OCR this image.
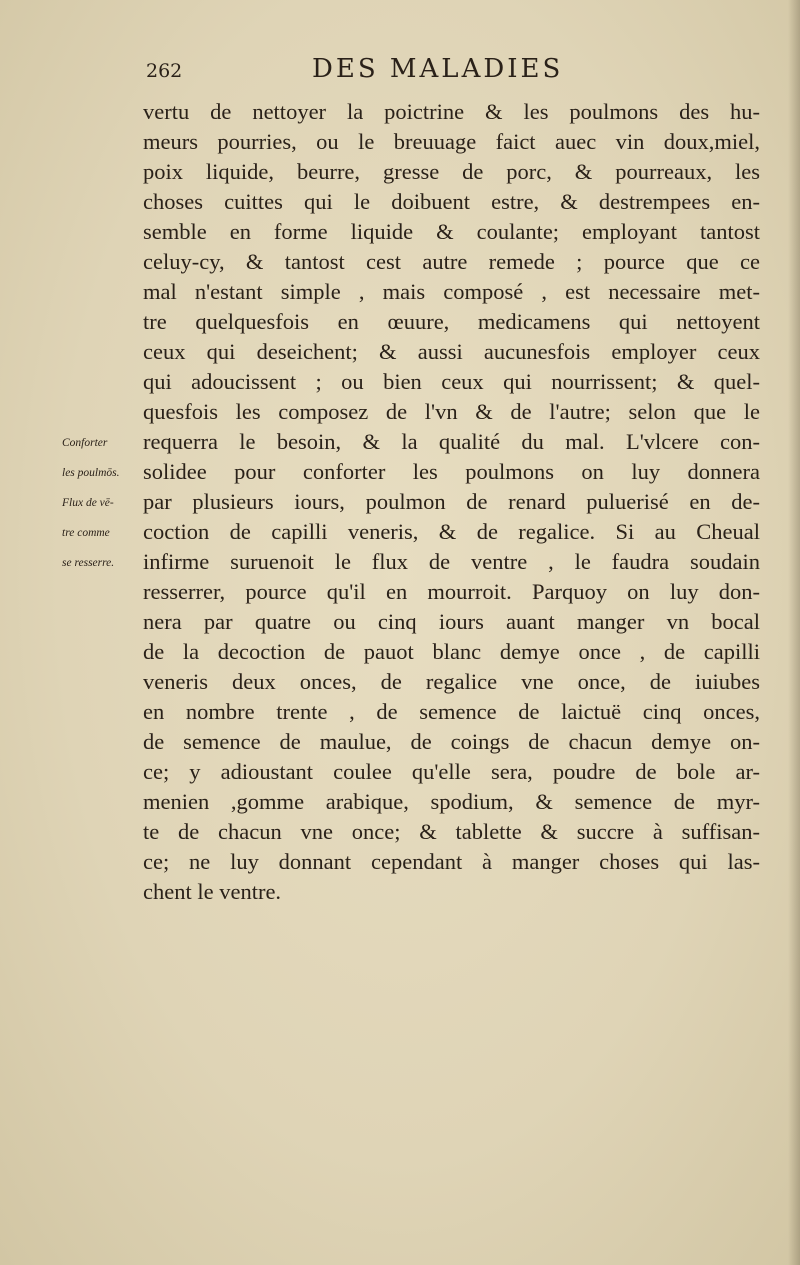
262	DES MALADIES
vertu de nettoyer la poictrine & les poulmons des hu-
meurs pourries, ou le breuuage faict auec vin doux,miel,
poix liquide, beurre, gresse de porc, & pourreaux, les
choses cuittes qui le doibuent estre, & destrempees en-
semble en forme liquide & coulante; employant tantost
celuy-cy, & tantost cest autre remede ; pource que ce
mal n'estant simple , mais composé , est necessaire met-
tre quelquesfois en œuure, medicamens qui nettoyent
ceux qui deseichent; & aussi aucunesfois employer ceux
qui adoucissent ; ou bien ceux qui nourrissent; & quel-
quesfois les composez de l'vn & de l'autre; selon que le
requerra le besoin, & la qualité du mal. L'vlcere con-
solidee pour conforter les poulmons on luy donnera
par plusieurs iours, poulmon de renard puluerisé en de-
coction de capilli veneris, & de regalice. Si au Cheual
infirme suruenoit le flux de ventre , le faudra soudain
resserrer, pource qu'il en mourroit. Parquoy on luy don-
nera par quatre ou cinq iours auant manger vn bocal
de la decoction de pauot blanc demye once , de capilli
veneris deux onces, de regalice vne once, de iuiubes
en nombre trente , de semence de laictuë cinq onces,
de semence de maulue, de coings de chacun demye on-
ce; y adioustant coulee qu'elle sera, poudre de bole ar-
menien ,gomme arabique, spodium, & semence de myr-
te de chacun vne once; & tablette & succre à suffisan-
ce; ne luy donnant cependant à manger choses qui las-
chent le ventre.
Conforter
les poulmōs.
Flux de vē-
tre comme
se resserre.
